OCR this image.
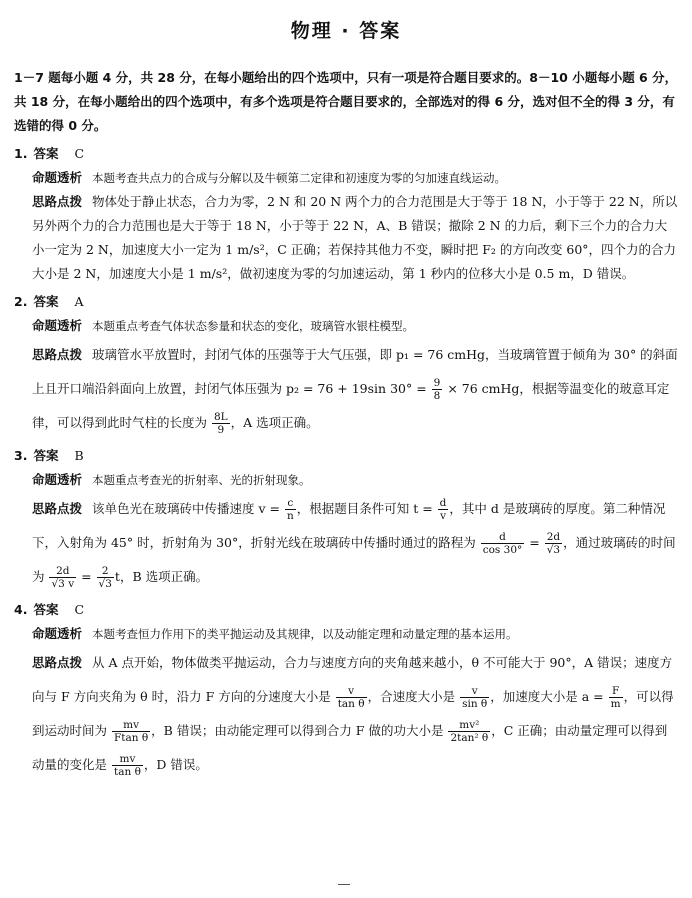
物理 · 答案
1－7 题每小题 4 分，共 28 分，在每小题给出的四个选项中，只有一项是符合题目要求的。8－10 小题每小题 6 分，共 18 分，在每小题给出的四个选项中，有多个选项是符合题目要求的，全部选对的得 6 分，选对但不全的得 3 分，有选错的得 0 分。
1. 答案 C
命题透析 本题考查共点力的合成与分解以及牛顿第二定律和初速度为零的匀加速直线运动。
思路点拨 物体处于静止状态，合力为零，2 N 和 20 N 两个力的合力范围是大于等于 18 N，小于等于 22 N，所以另外两个力的合力范围也是大于等于 18 N，小于等于 22 N，A、B 错误；撤除 2 N 的力后，剩下三个力的合力大小一定为 2 N，加速度大小一定为 1 m/s²，C 正确；若保持其他力不变，瞬时把 F₂ 的方向改变 60°，四个力的合力大小是 2 N，加速度大小是 1 m/s²，做初速度为零的匀加速运动，第 1 秒内的位移大小是 0.5 m，D 错误。
2. 答案 A
命题透析 本题重点考查气体状态参量和状态的变化，玻璃管水银柱模型。
思路点拨 玻璃管水平放置时，封闭气体的压强等于大气压强，即 p₁ = 76 cmHg，当玻璃管置于倾角为 30° 的斜面上且开口端沿斜面向上放置，封闭气体压强为 p₂ = 76 + 19sin $30^\circ = \frac{9}{8} \times 76$ cmHg，根据等温变化的玻意耳定律，可以得到此时气柱的长度为 $\frac{8L}{9}$ ，A 选项正确。
3. 答案 B
命题透析 本题重点考查光的折射率、光的折射现象。
思路点拨 该单色光在玻璃砖中传播速度 $v = \frac{c}{n}$ ，根据题目条件可知 $t = \frac{d}{v}$ ，其中 d 是玻璃砖的厚度。第二种情况下，入射角为 45° 时，折射角为 30°，折射光线在玻璃砖中传播时通过的路程为 $\frac{d}{\cos 30^\circ} = \frac{2d}{√3}$ ，通过玻璃砖的时间为 $\frac{2d}{√3 v} = \frac{2}{√3}$ t，B 选项正确。
4. 答案 C
命题透析 本题考查恒力作用下的类平抛运动及其规律，以及动能定理和动量定理的基本运用。
思路点拨 从 A 点开始，物体做类平抛运动，合力与速度方向的夹角越来越小，θ 不可能大于 90°，A 错误；速度方向与 F 方向夹角为 θ 时，沿力 F 方向的分速度大小是 $\frac{v}{\text{tan θ}}$ ，合速度大小是 $\frac{v}{\text{sin θ}}$ ，加速度大小是 $a = \frac{F}{m}$ ，可以得到运动时间为 $\frac{mv}{\text{Ftan θ}}$ ，B 错误；由动能定理可以得到合力 F 做的功大小是 $\frac{\text{mv²}}{\text{2tan² θ}}$ ，C 正确；由动量定理可以得到动量的变化是 $\frac{mv}{\text{tan θ}}$ ，D 错误。
